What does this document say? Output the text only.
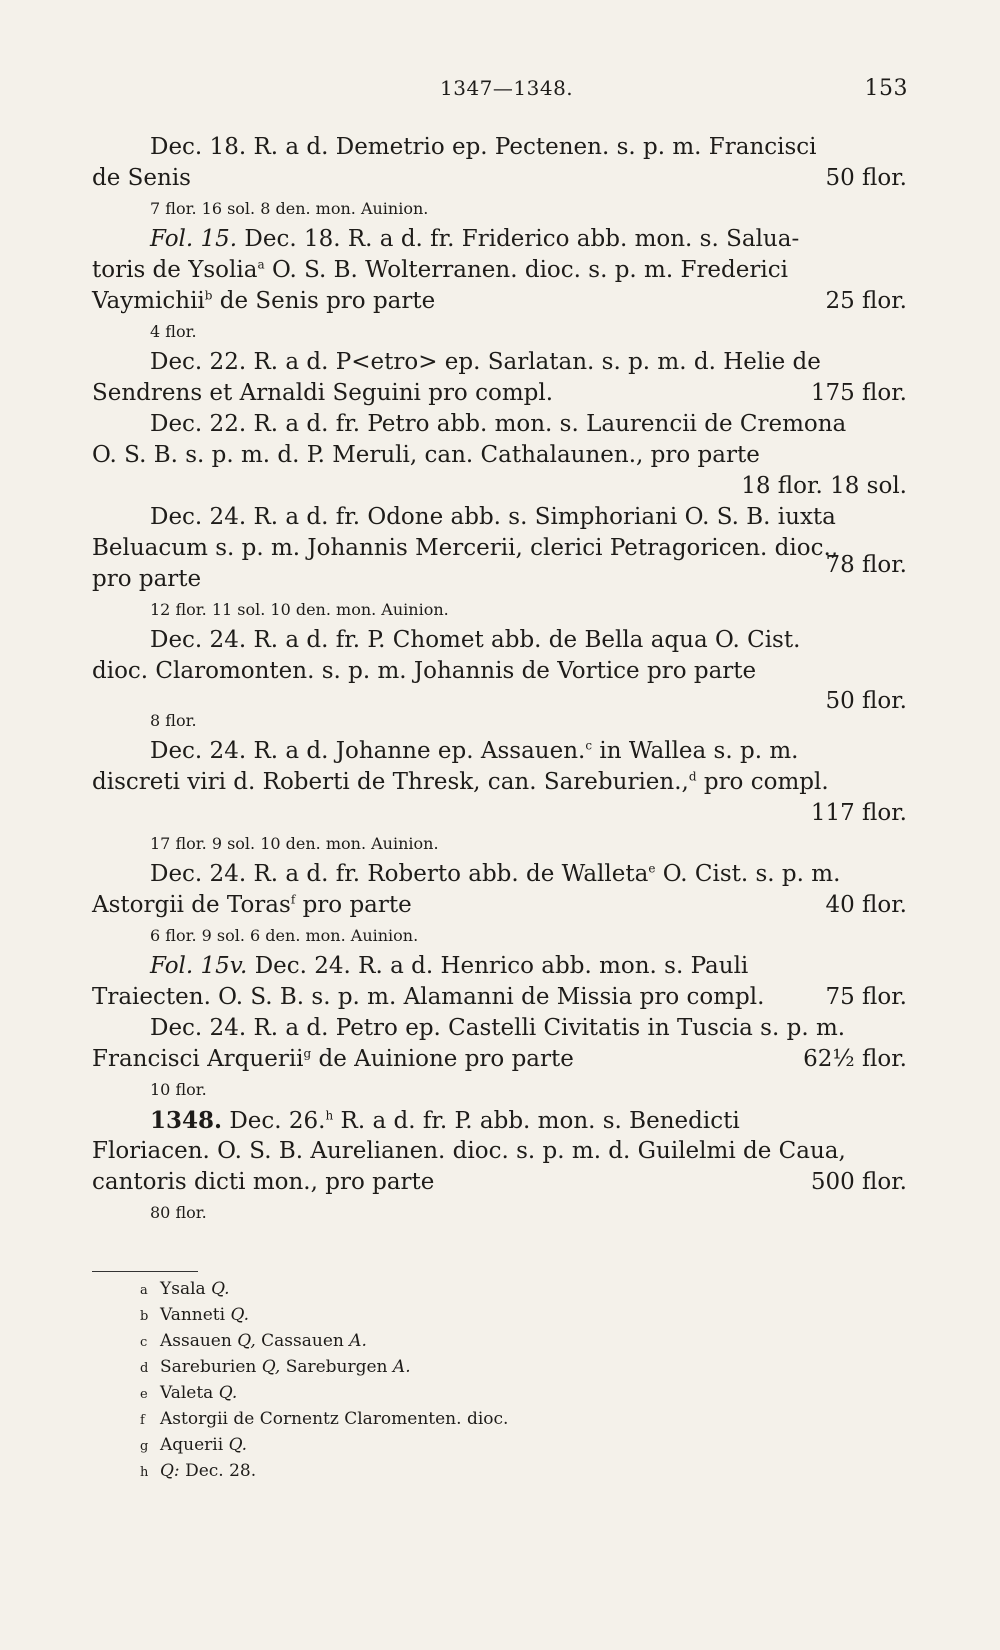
1347—1348.	153
Dec. 18. R. a d. Demetrio ep. Pectenen. s. p. m. Francisci
de Senis	50 flor.
7 flor. 16 sol. 8 den. mon. Auinion.
Fol. 15. Dec. 18. R. a d. fr. Friderico abb. mon. s. Salua-
toris de Ysolia$^a$ O. S. B. Wolterranen. dioc. s. p. m. Frederici
Vaymichii$^b$ de Senis pro parte	25 flor.
4 flor.
Dec. 22. R. a d. P<etro> ep. Sarlatan. s. p. m. d. Helie de
Sendrens et Arnaldi Seguini pro compl.	175 flor.
Dec. 22. R. a d. fr. Petro abb. mon. s. Laurencii de Cremona
O. S. B. s. p. m. d. P. Meruli, can. Cathalaunen., pro parte
18 flor. 18 sol.
Dec. 24. R. a d. fr. Odone abb. s. Simphoriani O. S. B. iuxta
Beluacum s. p. m. Johannis Mercerii, clerici Petragoricen. dioc.,
pro parte
78 flor.
12 flor. 11 sol. 10 den. mon. Auinion.
Dec. 24. R. a d. fr. P. Chomet abb. de Bella aqua O. Cist.
dioc. Claromonten. s. p. m. Johannis de Vortice pro parte
50 flor.
8 flor.
Dec. 24. R. a d. Johanne ep. Assauen.$^c$ in Wallea s. p. m.
discreti viri d. Roberti de Thresk, can. Sareburien.,$^d$ pro compl.
117 flor.
17 flor. 9 sol. 10 den. mon. Auinion.
Dec. 24. R. a d. fr. Roberto abb. de Walleta$^e$ O. Cist. s. p. m.
Astorgii de Toras$^f$ pro parte	40 flor.
6 flor. 9 sol. 6 den. mon. Auinion.
Fol. 15v. Dec. 24. R. a d. Henrico abb. mon. s. Pauli
Traiecten. O. S. B. s. p. m. Alamanni de Missia pro compl.	75 flor.
Dec. 24. R. a d. Petro ep. Castelli Civitatis in Tuscia s. p. m.
Francisci Arquerii$^g$ de Auinione pro parte	62½ flor.
10 flor.
1348. Dec. 26.$^h$ R. a d. fr. P. abb. mon. s. Benedicti
Floriacen. O. S. B. Aurelianen. dioc. s. p. m. d. Guilelmi de Caua,
cantoris dicti mon., pro parte	500 flor.
80 flor.
a Ysala Q.
b Vanneti Q.
c Assauen Q, Cassauen A.
d Sareburien Q, Sareburgen A.
e Valeta Q.
f Astorgii de Cornentz Claromenten. dioc.
g Aquerii Q.
h Q: Dec. 28.
